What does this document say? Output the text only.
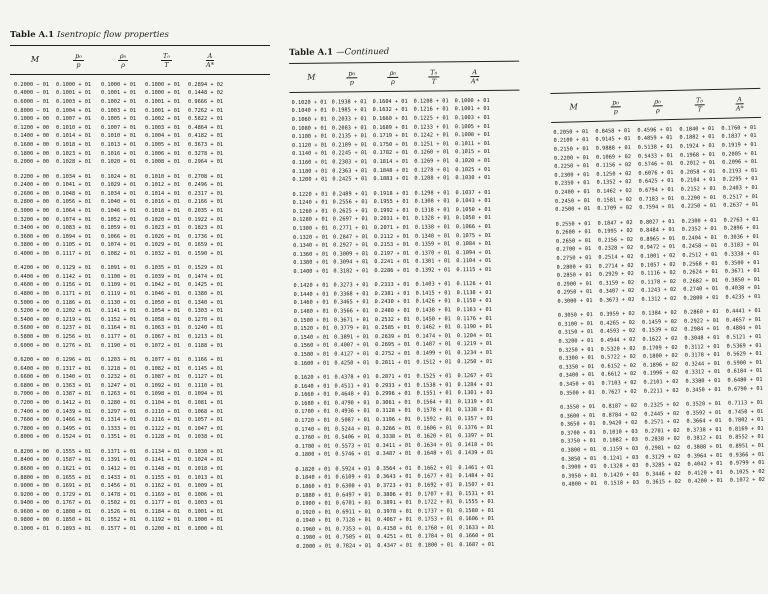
Table A.1 Isentropic flow properties
M	$\frac{\text{p₀}}{p} \frac{\text{ρ₀}}{\rho} \frac{\text{T₀}}{T} \frac{A}{A*}$
0.2000 − 01
0.4000 − 01
0.6000 − 01
0.8000 − 01
0.1000 + 00
0.1200 + 00
0.1400 + 00
0.1600 + 00
0.1800 + 00
0.2000 + 00
0.2200 + 00
0.2400 + 00
0.2600 + 00
0.2800 + 00
0.3000 + 00
0.3200 + 00
0.3400 + 00
0.3600 + 00
0.3800 + 00
0.4000 + 00
0.4200 + 00
0.4400 + 00
0.4600 + 00
0.4800 + 00
0.5000 + 00
0.5200 + 00
0.5400 + 00
0.5600 + 00
0.5800 + 00
0.6000 + 00
0.6200 + 00
0.6400 + 00
0.6600 + 00
0.6800 + 00
0.7000 + 00
0.7200 + 00
0.7400 + 00
0.7600 + 00
0.7800 + 00
0.8000 + 00
0.8200 + 00
0.8400 + 00
0.8600 + 00
0.8800 + 00
0.9000 + 00
0.9200 + 00
0.9400 + 00
0.9600 + 00
0.9800 + 00
0.1000 + 01
0.1000 + 01
0.1001 + 01
0.1003 + 01
0.1004 + 01
0.1007 + 01
0.1010 + 01
0.1014 + 01
0.1018 + 01
0.1023 + 01
0.1028 + 01
0.1034 + 01
0.1041 + 01
0.1048 + 01
0.1056 + 01
0.1064 + 01
0.1074 + 01
0.1083 + 01
0.1094 + 01
0.1105 + 01
0.1117 + 01
0.1129 + 01
0.1142 + 01
0.1156 + 01
0.1171 + 01
0.1186 + 01
0.1202 + 01
0.1219 + 01
0.1237 + 01
0.1256 + 01
0.1276 + 01
0.1296 + 01
0.1317 + 01
0.1340 + 01
0.1363 + 01
0.1387 + 01
0.1412 + 01
0.1439 + 01
0.1466 + 01
0.1495 + 01
0.1524 + 01
0.1555 + 01
0.1587 + 01
0.1621 + 01
0.1655 + 01
0.1691 + 01
0.1729 + 01
0.1767 + 01
0.1808 + 01
0.1850 + 01
0.1893 + 01
0.1000 + 01
0.1001 + 01
0.1002 + 01
0.1003 + 01
0.1005 + 01
0.1007 + 01
0.1010 + 01
0.1013 + 01
0.1016 + 01
0.1020 + 01
0.1024 + 01
0.1029 + 01
0.1034 + 01
0.1040 + 01
0.1046 + 01
0.1052 + 01
0.1059 + 01
0.1066 + 01
0.1074 + 01
0.1082 + 01
0.1091 + 01
0.1100 + 01
0.1109 + 01
0.1119 + 01
0.1130 + 01
0.1141 + 01
0.1152 + 01
0.1164 + 01
0.1177 + 01
0.1190 + 01
0.1203 + 01
0.1218 + 01
0.1232 + 01
0.1247 + 01
0.1263 + 01
0.1280 + 01
0.1297 + 01
0.1314 + 01
0.1333 + 01
0.1351 + 01
0.1371 + 01
0.1391 + 01
0.1412 + 01
0.1433 + 01
0.1456 + 01
0.1478 + 01
0.1502 + 01
0.1526 + 01
0.1552 + 01
0.1577 + 01
0.1000 + 01
0.1000 + 01
0.1001 + 01
0.1001 + 01
0.1002 + 01
0.1003 + 01
0.1004 + 01
0.1005 + 01
0.1006 + 01
0.1008 + 01
0.1010 + 01
0.1012 + 01
0.1014 + 01
0.1016 + 01
0.1018 + 01
0.1020 + 01
0.1023 + 01
0.1026 + 01
0.1029 + 01
0.1032 + 01
0.1035 + 01
0.1039 + 01
0.1042 + 01
0.1046 + 01
0.1050 + 01
0.1054 + 01
0.1058 + 01
0.1063 + 01
0.1067 + 01
0.1072 + 01
0.1077 + 01
0.1082 + 01
0.1087 + 01
0.1092 + 01
0.1098 + 01
0.1104 + 01
0.1110 + 01
0.1116 + 01
0.1122 + 01
0.1128 + 01
0.1134 + 01
0.1141 + 01
0.1148 + 01
0.1155 + 01
0.1162 + 01
0.1169 + 01
0.1177 + 01
0.1184 + 01
0.1192 + 01
0.1200 + 01
0.2894 + 02
0.1448 + 02
0.9666 + 01
0.7262 + 01
0.5822 + 01
0.4864 + 01
0.4182 + 01
0.3673 + 01
0.3278 + 01
0.2964 + 01
0.2708 + 01
0.2496 + 01
0.2317 + 01
0.2166 + 01
0.2035 + 01
0.1922 + 01
0.1823 + 01
0.1736 + 01
0.1659 + 01
0.1590 + 01
0.1529 + 01
0.1474 + 01
0.1425 + 01
0.1380 + 01
0.1340 + 01
0.1303 + 01
0.1270 + 01
0.1240 + 01
0.1213 + 01
0.1188 + 01
0.1166 + 01
0.1145 + 01
0.1127 + 01
0.1110 + 01
0.1094 + 01
0.1081 + 01
0.1068 + 01
0.1057 + 01
0.1047 + 01
0.1038 + 01
0.1030 + 01
0.1024 + 01
0.1018 + 01
0.1013 + 01
0.1009 + 01
0.1006 + 01
0.1003 + 01
0.1001 + 01
0.1000 + 01
0.1000 + 01
Table A.1 —Continued
M $\frac{\text{p₀}}{p} \frac{\text{ρ₀}}{\rho} \frac{\text{T₀}}{T} \frac{A}{A*}$
0.1020 + 01
0.1040 + 01
0.1060 + 01
0.1080 + 01
0.1100 + 01
0.1120 + 01
0.1140 + 01
0.1160 + 01
0.1180 + 01
0.1200 + 01
0.1220 + 01
0.1240 + 01
0.1260 + 01
0.1280 + 01
0.1300 + 01
0.1320 + 01
0.1340 + 01
0.1360 + 01
0.1380 + 01
0.1400 + 01
0.1420 + 01
0.1440 + 01
0.1460 + 01
0.1480 + 01
0.1500 + 01
0.1520 + 01
0.1540 + 01
0.1560 + 01
0.1580 + 01
0.1600 + 01
0.1620 + 01
0.1640 + 01
0.1660 + 01
0.1680 + 01
0.1700 + 01
0.1720 + 01
0.1740 + 01
0.1760 + 01
0.1780 + 01
0.1800 + 01
0.1820 + 01
0.1840 + 01
0.1860 + 01
0.1880 + 01
0.1900 + 01
0.1920 + 01
0.1940 + 01
0.1960 + 01
0.1980 + 01
0.2000 + 01
0.1938 + 01
0.1985 + 01
0.2033 + 01
0.2083 + 01
0.2135 + 01
0.2189 + 01
0.2245 + 01
0.2303 + 01
0.2363 + 01
0.2425 + 01
0.2489 + 01
0.2556 + 01
0.2625 + 01
0.2697 + 01
0.2771 + 01
0.2847 + 01
0.2927 + 01
0.3009 + 01
0.3094 + 01
0.3182 + 01
0.3273 + 01
0.3368 + 01
0.3465 + 01
0.3566 + 01
0.3671 + 01
0.3779 + 01
0.3891 + 01
0.4007 + 01
0.4127 + 01
0.4250 + 01
0.4378 + 01
0.4511 + 01
0.4648 + 01
0.4790 + 01
0.4936 + 01
0.5087 + 01
0.5244 + 01
0.5406 + 01
0.5573 + 01
0.5746 + 01
0.5924 + 01
0.6109 + 01
0.6300 + 01
0.6497 + 01
0.6701 + 01
0.6911 + 01
0.7128 + 01
0.7353 + 01
0.7585 + 01
0.7824 + 01
0.1604 + 01
0.1632 + 01
0.1660 + 01
0.1689 + 01
0.1719 + 01
0.1750 + 01
0.1782 + 01
0.1814 + 01
0.1848 + 01
0.1883 + 01
0.1918 + 01
0.1955 + 01
0.1992 + 01
0.2031 + 01
0.2071 + 01
0.2112 + 01
0.2153 + 01
0.2197 + 01
0.2241 + 01
0.2286 + 01
0.2333 + 01
0.2381 + 01
0.2430 + 01
0.2480 + 01
0.2532 + 01
0.2585 + 01
0.2639 + 01
0.2695 + 01
0.2752 + 01
0.2811 + 01
0.2871 + 01
0.2933 + 01
0.2996 + 01
0.3061 + 01
0.3128 + 01
0.3196 + 01
0.3266 + 01
0.3338 + 01
0.3411 + 01
0.3487 + 01
0.3564 + 01
0.3643 + 01
0.3723 + 01
0.3806 + 01
0.3891 + 01
0.3978 + 01
0.4067 + 01
0.4158 + 01
0.4251 + 01
0.4347 + 01
0.1208 + 01
0.1216 + 01
0.1225 + 01
0.1233 + 01
0.1242 + 01
0.1251 + 01
0.1260 + 01
0.1269 + 01
0.1278 + 01
0.1288 + 01
0.1298 + 01
0.1308 + 01
0.1318 + 01
0.1328 + 01
0.1338 + 01
0.1348 + 01
0.1359 + 01
0.1370 + 01
0.1381 + 01
0.1392 + 01
0.1403 + 01
0.1415 + 01
0.1426 + 01
0.1438 + 01
0.1450 + 01
0.1462 + 01
0.1474 + 01
0.1487 + 01
0.1499 + 01
0.1512 + 01
0.1525 + 01
0.1538 + 01
0.1551 + 01
0.1564 + 01
0.1578 + 01
0.1592 + 01
0.1606 + 01
0.1620 + 01
0.1634 + 01
0.1648 + 01
0.1662 + 01
0.1677 + 01
0.1692 + 01
0.1707 + 01
0.1722 + 01
0.1737 + 01
0.1753 + 01
0.1768 + 01
0.1784 + 01
0.1800 + 01
0.1000 + 01
0.1001 + 01
0.1003 + 01
0.1005 + 01
0.1008 + 01
0.1011 + 01
0.1015 + 01
0.1020 + 01
0.1025 + 01
0.1030 + 01
0.1037 + 01
0.1043 + 01
0.1050 + 01
0.1058 + 01
0.1066 + 01
0.1075 + 01
0.1084 + 01
0.1094 + 01
0.1104 + 01
0.1115 + 01
0.1126 + 01
0.1138 + 01
0.1150 + 01
0.1163 + 01
0.1176 + 01
0.1190 + 01
0.1204 + 01
0.1219 + 01
0.1234 + 01
0.1250 + 01
0.1267 + 01
0.1284 + 01
0.1301 + 01
0.1319 + 01
0.1338 + 01
0.1357 + 01
0.1376 + 01
0.1397 + 01
0.1418 + 01
0.1439 + 01
0.1461 + 01
0.1484 + 01
0.1507 + 01
0.1531 + 01
0.1555 + 01
0.1580 + 01
0.1606 + 01
0.1633 + 01
0.1660 + 01
0.1687 + 01
M	$\frac{\text{p₀}}{p} \frac{\text{ρ₀}}{\rho} \frac{\text{T₀}}{T} \frac{A}{A*}$
0.2050 + 01
0.2100 + 01
0.2150 + 01
0.2200 + 01
0.2250 + 01
0.2300 + 01
0.2350 + 01
0.2400 + 01
0.2450 + 01
0.2500 + 01
0.2550 + 01
0.2600 + 01
0.2650 + 01
0.2700 + 01
0.2750 + 01
0.2800 + 01
0.2850 + 01
0.2900 + 01
0.2950 + 01
0.3000 + 01
0.3050 + 01
0.3100 + 01
0.3150 + 01
0.3200 + 01
0.3250 + 01
0.3300 + 01
0.3350 + 01
0.3400 + 01
0.3450 + 01
0.3500 + 01
0.3550 + 01
0.3600 + 01
0.3650 + 01
0.3700 + 01
0.3750 + 01
0.3800 + 01
0.3850 + 01
0.3900 + 01
0.3950 + 01
0.4000 + 01
0.8458 + 01
0.9145 + 01
0.9888 + 01
0.1069 + 02
0.1156 + 02
0.1250 + 02
0.1352 + 02
0.1462 + 02
0.1581 + 02
0.1709 + 02
0.1847 + 02
0.1995 + 02
0.2156 + 02
0.2328 + 02
0.2514 + 02
0.2714 + 02
0.2929 + 02
0.3159 + 02
0.3407 + 02
0.3673 + 02
0.3959 + 02
0.4265 + 02
0.4593 + 02
0.4944 + 02
0.5320 + 02
0.5722 + 02
0.6152 + 02
0.6612 + 02
0.7103 + 02
0.7627 + 02
0.8187 + 02
0.8784 + 02
0.9420 + 02
0.1010 + 03
0.1082 + 03
0.1159 + 03
0.1241 + 03
0.1328 + 03
0.1420 + 03
0.1518 + 03
0.4596 + 01
0.4859 + 01
0.5138 + 01
0.5433 + 01
0.5746 + 01
0.6076 + 01
0.6425 + 01
0.6794 + 01
0.7183 + 01
0.7594 + 01
0.8027 + 01
0.8484 + 01
0.8965 + 01
0.9472 + 01
0.1001 + 02
0.1057 + 02
0.1116 + 02
0.1178 + 02
0.1243 + 02
0.1312 + 02
0.1384 + 02
0.1459 + 02
0.1539 + 02
0.1622 + 02
0.1709 + 02
0.1800 + 02
0.1896 + 02
0.1996 + 02
0.2101 + 02
0.2211 + 02
0.2325 + 02
0.2445 + 02
0.2571 + 02
0.2701 + 02
0.2838 + 02
0.2981 + 02
0.3129 + 02
0.3285 + 02
0.3446 + 02
0.3615 + 02
0.1840 + 01
0.1882 + 01
0.1924 + 01
0.1968 + 01
0.2012 + 01
0.2058 + 01
0.2104 + 01
0.2152 + 01
0.2200 + 01
0.2250 + 01
0.2300 + 01
0.2352 + 01
0.2404 + 01
0.2458 + 01
0.2512 + 01
0.2568 + 01
0.2624 + 01
0.2682 + 01
0.2740 + 01
0.2800 + 01
0.2860 + 01
0.2922 + 01
0.2984 + 01
0.3048 + 01
0.3112 + 01
0.3178 + 01
0.3244 + 01
0.3312 + 01
0.3380 + 01
0.3450 + 01
0.3520 + 01
0.3592 + 01
0.3664 + 01
0.3738 + 01
0.3812 + 01
0.3888 + 01
0.3964 + 01
0.4042 + 01
0.4120 + 01
0.4200 + 01
0.1760 + 01
0.1837 + 01
0.1919 + 01
0.2005 + 01
0.2096 + 01
0.2193 + 01
0.2295 + 01
0.2403 + 01
0.2517 + 01
0.2637 + 01
0.2763 + 01
0.2896 + 01
0.3036 + 01
0.3183 + 01
0.3338 + 01
0.3500 + 01
0.3671 + 01
0.3850 + 01
0.4038 + 01
0.4235 + 01
0.4441 + 01
0.4657 + 01
0.4884 + 01
0.5121 + 01
0.5369 + 01
0.5629 + 01
0.5900 + 01
0.6184 + 01
0.6480 + 01
0.6790 + 01
0.7113 + 01
0.7450 + 01
0.7802 + 01
0.8169 + 01
0.8552 + 01
0.8951 + 01
0.9366 + 01
0.9799 + 01
0.1025 + 02
0.1072 + 02
